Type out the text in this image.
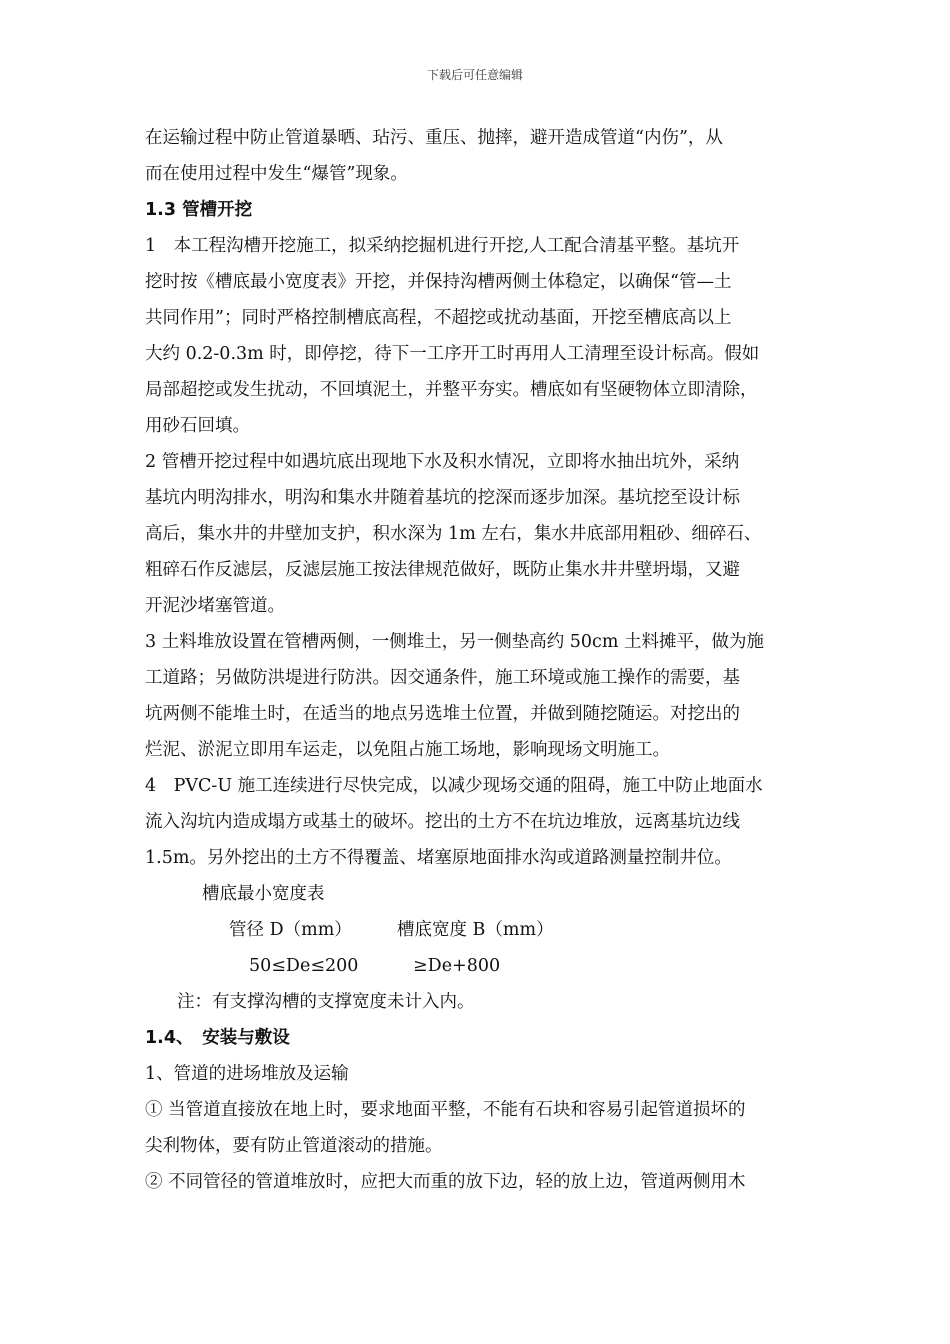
下载后可任意编辑
在运输过程中防止管道暴晒、玷污、重压、抛摔，避开造成管道“内伤”，从
而在使用过程中发生“爆管”现象。
1.3 管槽开挖
1　本工程沟槽开挖施工，拟采纳挖掘机进行开挖,人工配合清基平整。基坑开
挖时按《槽底最小宽度表》开挖，并保持沟槽两侧土体稳定，以确保“管—土
共同作用”；同时严格控制槽底高程，不超挖或扰动基面，开挖至槽底高以上
大约 0.2-0.3m 时，即停挖，待下一工序开工时再用人工清理至设计标高。假如
局部超挖或发生扰动，不回填泥土，并整平夯实。槽底如有坚硬物体立即清除，
用砂石回填。
2 管槽开挖过程中如遇坑底出现地下水及积水情况，立即将水抽出坑外，采纳
基坑内明沟排水，明沟和集水井随着基坑的挖深而逐步加深。基坑挖至设计标
高后，集水井的井壁加支护，积水深为 1m 左右，集水井底部用粗砂、细碎石、
粗碎石作反滤层，反滤层施工按法律规范做好，既防止集水井井壁坍塌，又避
开泥沙堵塞管道。
3 土料堆放设置在管槽两侧，一侧堆土，另一侧垫高约 50cm 土料摊平，做为施
工道路；另做防洪堤进行防洪。因交通条件，施工环境或施工操作的需要，基
坑两侧不能堆土时，在适当的地点另选堆土位置，并做到随挖随运。对挖出的
烂泥、淤泥立即用车运走，以免阻占施工场地，影响现场文明施工。
4　PVC-U 施工连续进行尽快完成，以减少现场交通的阻碍，施工中防止地面水
流入沟坑内造成塌方或基土的破坏。挖出的土方不在坑边堆放，远离基坑边线
1.5m。另外挖出的土方不得覆盖、堵塞原地面排水沟或道路测量控制井位。
槽底最小宽度表
管径 D（mm）	槽底宽度 B（mm）
50≤De≤200	≥De+800
注：有支撑沟槽的支撑宽度未计入内。
1.4、　安装与敷设
1、管道的进场堆放及运输
① 当管道直接放在地上时，要求地面平整，不能有石块和容易引起管道损坏的
尖利物体，要有防止管道滚动的措施。
② 不同管径的管道堆放时，应把大而重的放下边，轻的放上边，管道两侧用木
